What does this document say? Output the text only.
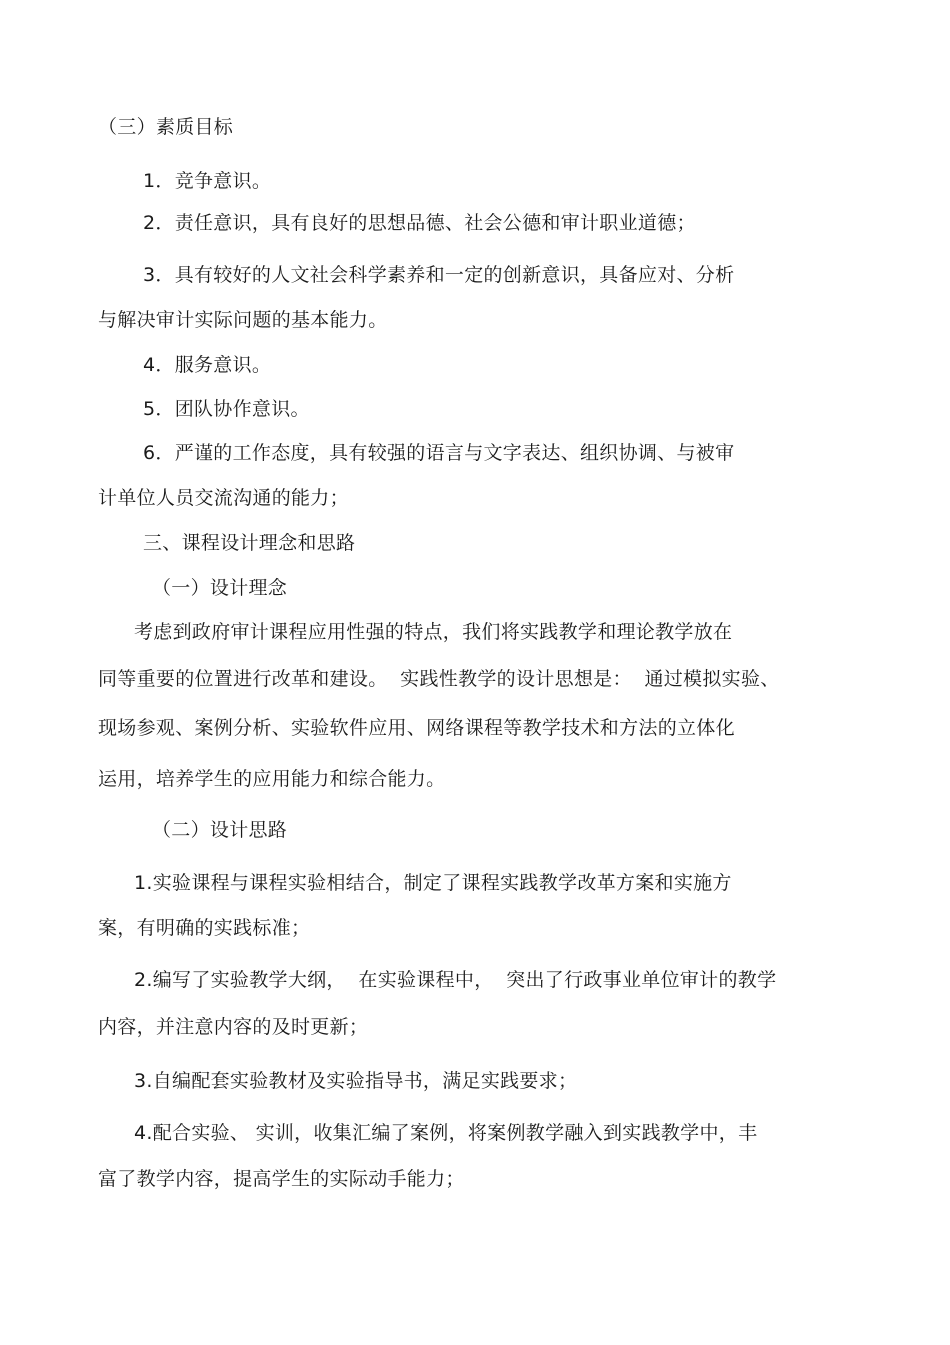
（三）素质目标
1．竞争意识。
2．责任意识，具有良好的思想品德、社会公德和审计职业道德；
3．具有较好的人文社会科学素养和一定的创新意识，具备应对、分析
与解决审计实际问题的基本能力。
4．服务意识。
5．团队协作意识。
6．严谨的工作态度，具有较强的语言与文字表达、组织协调、与被审
计单位人员交流沟通的能力；
三、课程设计理念和思路
（一）设计理念
考虑到政府审计课程应用性强的特点，我们将实践教学和理论教学放在
同等重要的位置进行改革和建设。  实践性教学的设计思想是：  通过模拟实验、
现场参观、案例分析、实验软件应用、网络课程等教学技术和方法的立体化
运用，培养学生的应用能力和综合能力。
（二）设计思路
1.实验课程与课程实验相结合，制定了课程实践教学改革方案和实施方
案，有明确的实践标准；
2.编写了实验教学大纲，  在实验课程中，  突出了行政事业单位审计的教学
内容，并注意内容的及时更新；
3.自编配套实验教材及实验指导书，满足实践要求；
4.配合实验、 实训，收集汇编了案例，将案例教学融入到实践教学中，丰
富了教学内容，提高学生的实际动手能力；
